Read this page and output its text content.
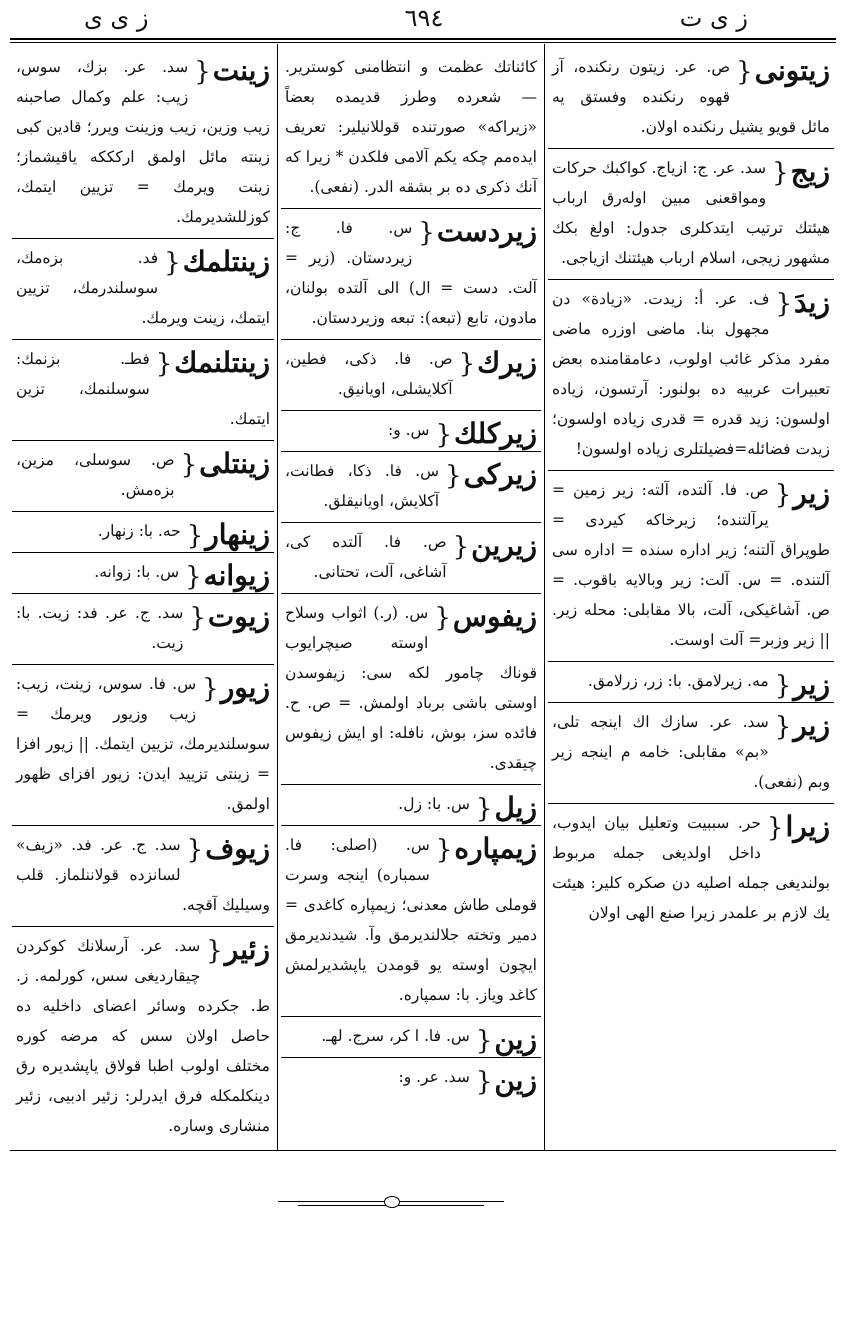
ز ى ى	٦٩٤	ز ى ت
زيتونى {
ص. عر. زيتون رنكنده، آز قهوه رنكنده وفستق يه مائل قويو يشيل رنكنده اولان.
زيج {
سد. عر. ج: ازياج. كواكبك حركات ومواقعنى مبين اولەرق ارباب هيئتك ترتيب ايتدكلرى جدول: اولغ بكك مشهور زيجى، اسلام ارباب هيئتنك ازياجى.
زيدَ {
ف. عر. أ: زيدت. «زيادة» دن مجهول بنا. ماضى اوزره ماضى مفرد مذكر غائب اولوب، دعامقامنده بعض تعبيرات عربيه ده بولنور: آرتسون، زياده اولسون: زيد قدره = قدرى زياده اولسون؛ زيدت فضائله=فضيلتلرى زياده اولسون!
زير {
ص. فا. آلتده، آلته: زير زمين = يرآلتنده؛ زيرخاكه كيردى = طوپراق آلتنه؛ زير اداره سنده = اداره سى آلتنده. = س. آلت: زير وبالايه باقوب. = ص. آشاغيكى، آلت، بالا مقابلى: محله زير. || زير وزبر= آلت اوست.
زير {
مه. زيرلامق. با: زر، زرلامق.
زير {
سد. عر. سازك اك اينجه تلى، «بم» مقابلى: خامه م اينجه زير وبم (نفعى).
زيرا {
حر. سببيت وتعليل بيان ايدوب، داخل اولديغى جمله مربوط بولنديغى جمله اصليه دن صكره كلير: هيئت يك لازم بر علمدر زيرا صنع الهى اولان
كائناتك عظمت و انتظامنى كوسترير. — شعرده وطرز قديمده بعضاً «زيراكه» صورتنده قوللانيلير: تعريف ايدەمم چكه يكم آلامى فلكدن * زيرا كه آنك ذكرى ده بر بشقه الدر. (نفعى).
زيردست {
س. فا. ج: زيردستان. (زير = آلت. دست = ال) الى آلتده بولنان، مادون، تابع (تبعه): تبعه وزيردستان.
زيرك {
ص. فا. ذكى، فطين، آكلايشلى، اويانيق.
زيركلك {
س. و:
زيركى {
س. فا. ذكا، فطانت، آكلايش، اويانيقلق.
زيرين {
ص. فا. آلتده كى، آشاغى، آلت، تحتانى.
زيفوس {
س. (ر.) اثواب وسلاح اوسته صيچرايوب قوناك چامور لكه سى: زيفوسدن اوستى باشى برباد اولمش. = ص. ح. فائده سز، بوش، نافله: او ايش زيفوس چيقدى.
زيل {
س. با: زل.
زيمپاره {
س. (اصلى: فا. سمباره) اينجه وسرت قوملى طاش معدنى؛ زيمپاره كاغدى = دمير وتخته جلالنديرمق وآ. شيدنديرمق ايچون اوسته يو قومدن ياپشديرلمش كاغد وياز. با: سمپاره.
زين {
س. فا. ا كر، سرج. لهـ.
زين {
سد. عر. و:
زينت {
سد. عر. بزك، سوس، زيب: علم وكمال صاحبنه زيب وزين، زيب وزينت ويرر؛ قادين كبى زينته مائل اولمق اركككه ياقيشماز؛ زينت ويرمك = تزيين ايتمك، كوزللشديرمك.
زينتلمك {
فد. بزەمك، سوسلندرمك، تزيين ايتمك، زينت ويرمك.
زينتلنمك {
فطـ. بزنمك: سوسلنمك، تزين ايتمك.
زينتلى {
ص. سوسلى، مزين، بزەمش.
زينهار {
حه. با: زنهار.
زيوانه {
س. با: زوانه.
زيوت {
سد. ج. عر. فد: زيت. با: زيت.
زيور {
س. فا. سوس، زينت، زيب: زيب وزيور ويرمك = سوسلنديرمك، تزيين ايتمك. || زيور افزا = زينتى تزييد ايدن: زيور افزاى ظهور اولمق.
زيوف {
سد. ج. عر. فد. «زيف» لسانزده قولاننلماز. قلب وسيليك آقچه.
زئير {
سد. عر. آرسلانك كوكردن چيقارديغى سس، كورلمه. ز. ط. جكرده وسائر اعضاى داخليه ده حاصل اولان سس كه مرضه كوره مختلف اولوب اطبا قولاق ياپشديره رق دينكلمكله فرق ايدرلر: زئير ادبيى، زئير منشارى وساره.
